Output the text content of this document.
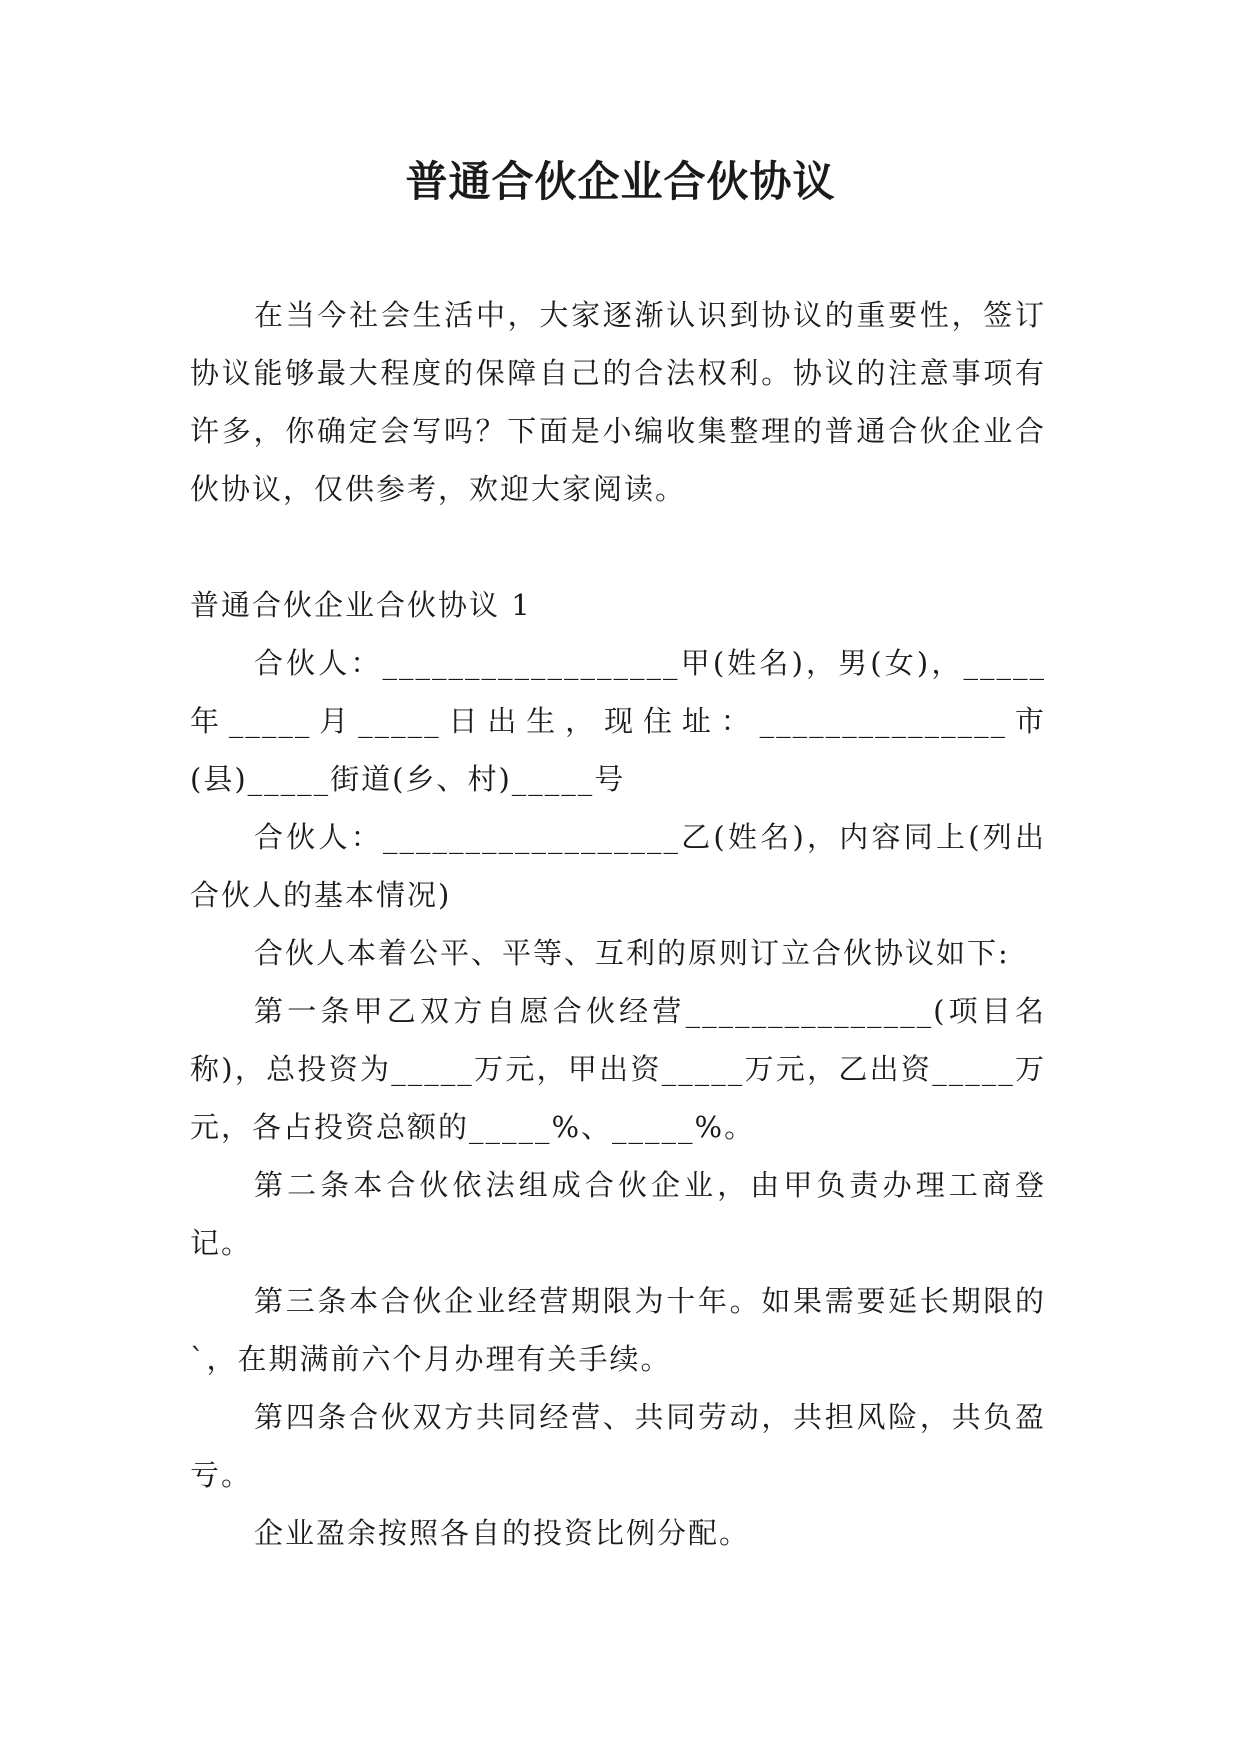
普通合伙企业合伙协议

在当今社会生活中，大家逐渐认识到协议的重要性，签订协议能够最大程度的保障自己的合法权利。协议的注意事项有许多，你确定会写吗？下面是小编收集整理的普通合伙企业合伙协议，仅供参考，欢迎大家阅读。

普通合伙企业合伙协议 1

合伙人：__________________甲(姓名)，男(女)，_____年_____月_____日出生，现住址：_______________市(县)_____街道(乡、村)_____号

合伙人：__________________乙(姓名)，内容同上(列出合伙人的基本情况)

合伙人本着公平、平等、互利的原则订立合伙协议如下:

第一条甲乙双方自愿合伙经营_______________(项目名称)，总投资为_____万元，甲出资_____万元，乙出资_____万元，各占投资总额的_____%、_____%。

第二条本合伙依法组成合伙企业，由甲负责办理工商登记。

第三条本合伙企业经营期限为十年。如果需要延长期限的`，在期满前六个月办理有关手续。

第四条合伙双方共同经营、共同劳动，共担风险，共负盈亏。

企业盈余按照各自的投资比例分配。
